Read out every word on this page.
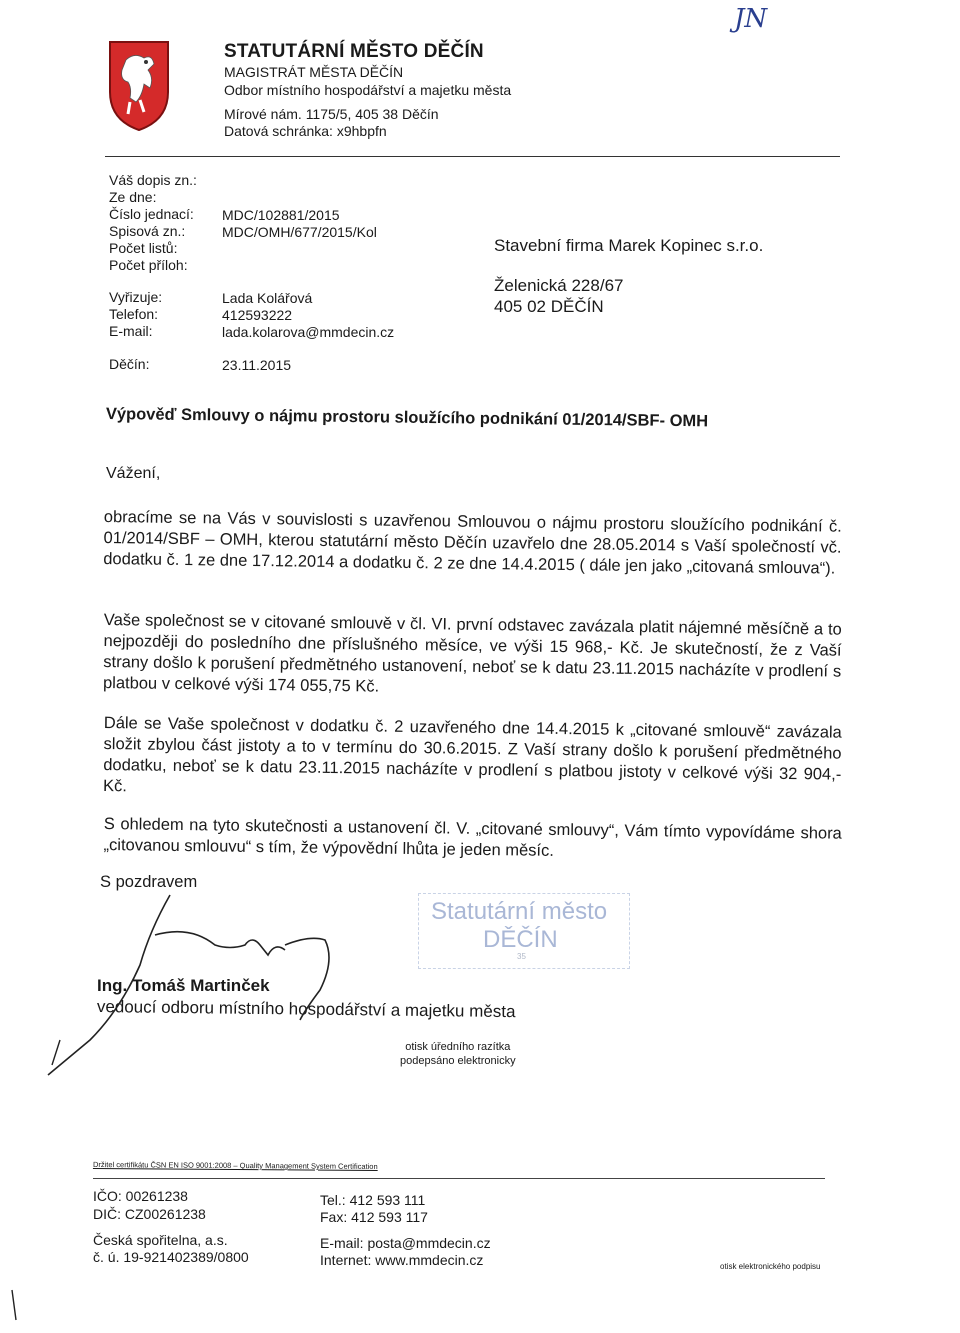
JN
STATUTÁRNÍ MĚSTO DĚČÍN
MAGISTRÁT MĚSTA DĚČÍN
Odbor místního hospodářství a majetku města
Mírové nám. 1175/5, 405 38 Děčín
Datová schránka: x9hbpfn
Váš dopis zn.:
Ze dne:
Číslo jednací:
Spisová zn.:
Počet listů:
Počet příloh:
MDC/102881/2015
MDC/OMH/677/2015/Kol
Vyřizuje:
Telefon:
E-mail:
Lada Kolářová
412593222
lada.kolarova@mmdecin.cz
Děčín:	23.11.2015
Stavební firma Marek Kopinec s.r.o.
Želenická 228/67
405 02 DĚČÍN
Výpověď Smlouvy o nájmu prostoru sloužícího podnikání 01/2014/SBF- OMH
Vážení,
obracíme se na Vás v souvislosti s uzavřenou Smlouvou o nájmu prostoru sloužícího podnikání č. 01/2014/SBF – OMH, kterou statutární město Děčín uzavřelo dne 28.05.2014 s Vaší společností vč. dodatku č. 1 ze dne 17.12.2014 a dodatku č. 2 ze dne 14.4.2015 ( dále jen jako „citovaná smlouva“).
Vaše společnost se v citované smlouvě v čl. VI. první odstavec zavázala platit nájemné měsíčně a to nejpozději do posledního dne příslušného měsíce, ve výši 15 968,- Kč. Je skutečností, že z Vaší strany došlo k porušení předmětného ustanovení, neboť se k datu 23.11.2015 nacházíte v prodlení s platbou v celkové výši 174 055,75 Kč.
Dále se Vaše společnost v dodatku č. 2 uzavřeného dne 14.4.2015 k „citované smlouvě“ zavázala složit zbylou část jistoty a to v termínu do 30.6.2015. Z Vaší strany došlo k porušení předmětného dodatku, neboť se k datu 23.11.2015 nacházíte v prodlení s platbou jistoty v celkové výši 32 904,- Kč.
S ohledem na tyto skutečnosti a ustanovení čl. V. „citované smlouvy“, Vám tímto vypovídáme shora „citovanou smlouvu“ s tím, že výpovědní lhůta je jeden měsíc.
S pozdravem
Statutární město
DĚČÍN
35
Ing. Tomáš Martinček
vedoucí odboru místního hospodářství a majetku města
otisk úředního razítka
podepsáno elektronicky
Držitel certifikátu ČSN EN ISO 9001:2008 – Quality Management System Certification
IČO: 00261238
DIČ: CZ00261238
Česká spořitelna, a.s.
č. ú. 19-921402389/0800
Tel.: 412 593 111
Fax: 412 593 117
E-mail: posta@mmdecin.cz
Internet: www.mmdecin.cz	otisk elektronického podpisu
